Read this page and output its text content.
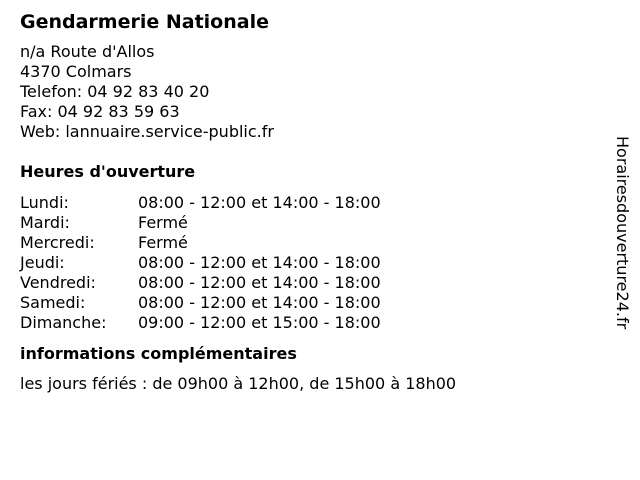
Gendarmerie Nationale
n/a Route d'Allos
4370 Colmars
Telefon: 04 92 83 40 20
Fax: 04 92 83 59 63
Web: lannuaire.service-public.fr
Heures d'ouverture
Lundi:	08:00 - 12:00 et 14:00 - 18:00
Mardi:	Fermé
Mercredi:	Fermé
Jeudi:	08:00 - 12:00 et 14:00 - 18:00
Vendredi:	08:00 - 12:00 et 14:00 - 18:00
Samedi:	08:00 - 12:00 et 14:00 - 18:00
Dimanche:	09:00 - 12:00 et 15:00 - 18:00
informations complémentaires
les jours fériés : de 09h00 à 12h00, de 15h00 à 18h00
Horairesdouverture24.fr
